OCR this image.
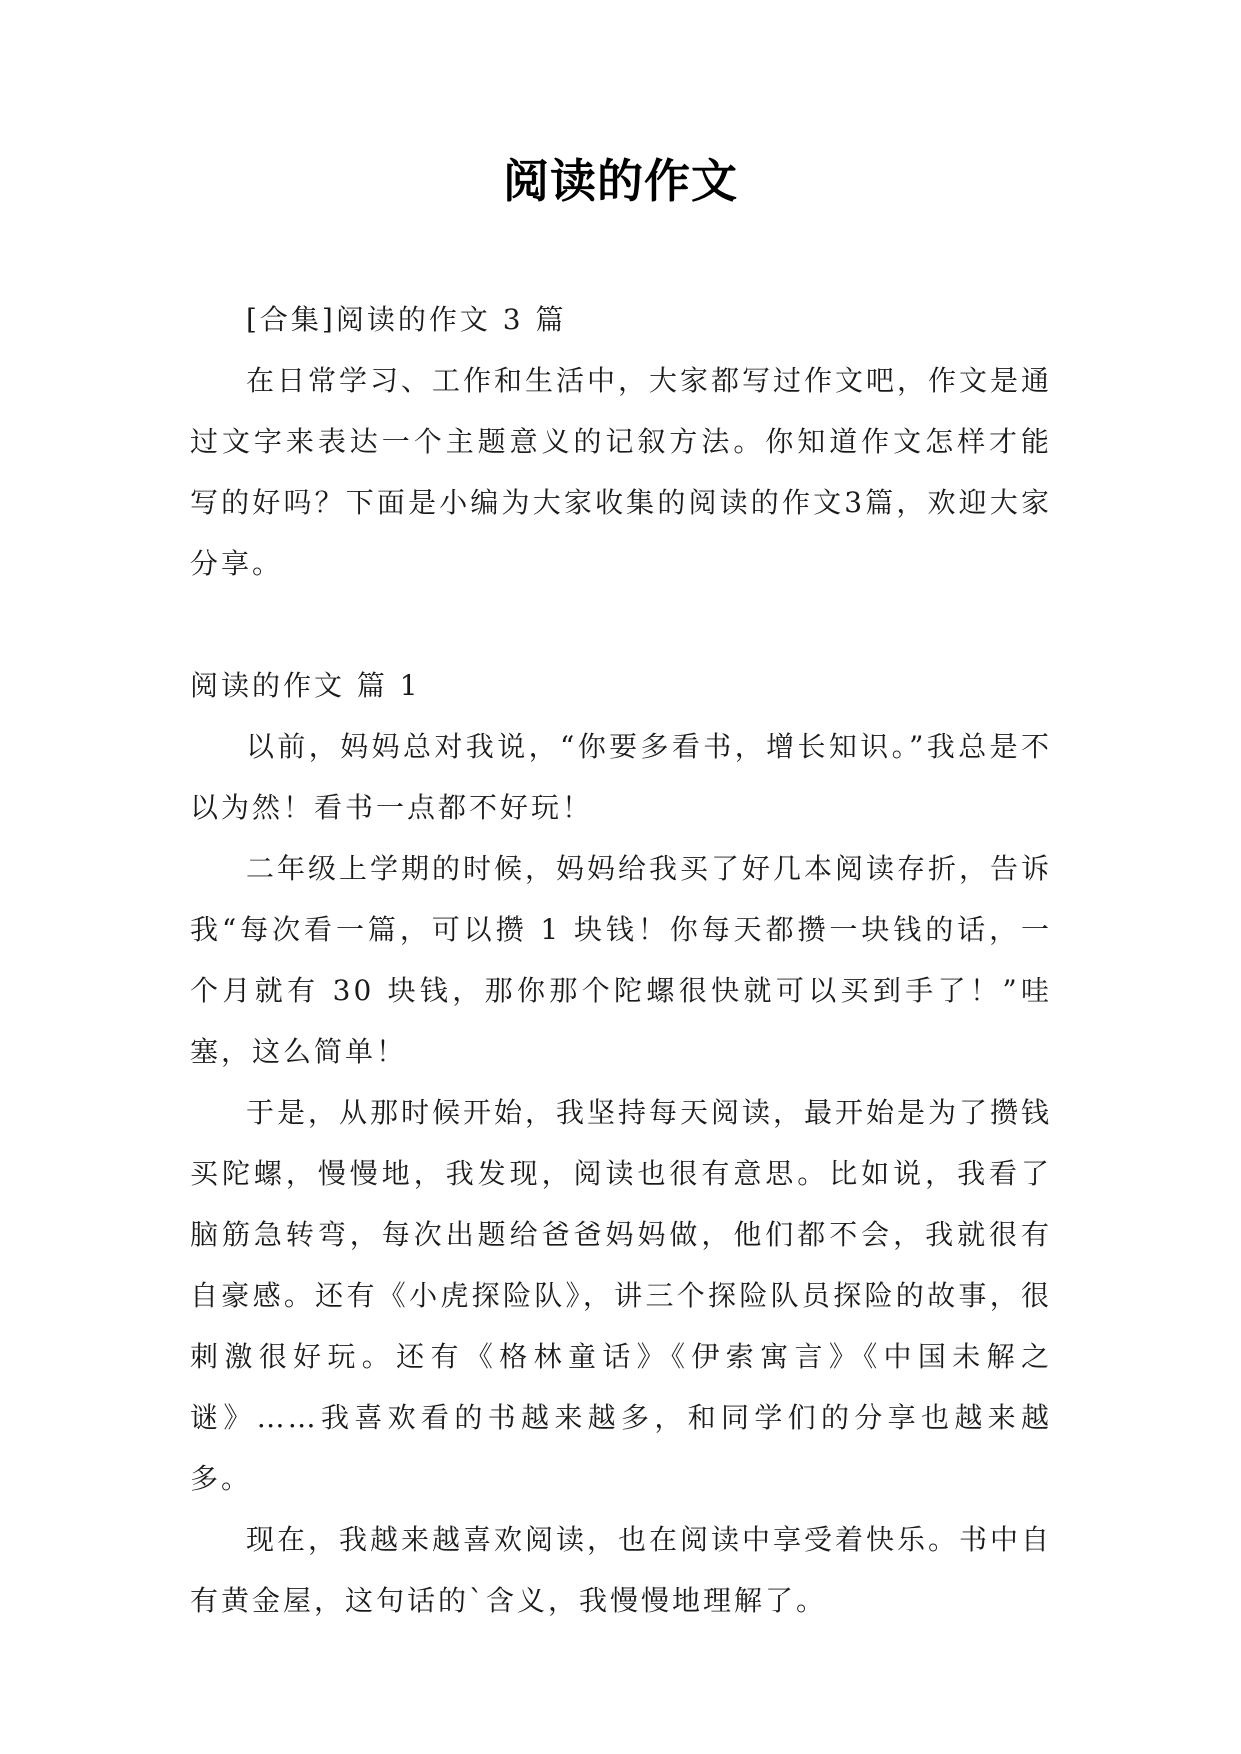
阅读的作文

[合集]阅读的作文 3 篇

在日常学习、工作和生活中，大家都写过作文吧，作文是通过文字来表达一个主题意义的记叙方法。你知道作文怎样才能写的好吗？下面是小编为大家收集的阅读的作文3篇，欢迎大家分享。

阅读的作文 篇 1

以前，妈妈总对我说，“你要多看书，增长知识。”我总是不以为然！看书一点都不好玩！

二年级上学期的时候，妈妈给我买了好几本阅读存折，告诉我“每次看一篇，可以攒 1 块钱！你每天都攒一块钱的话，一个月就有 30 块钱，那你那个陀螺很快就可以买到手了！”哇塞，这么简单！

于是，从那时候开始，我坚持每天阅读，最开始是为了攒钱买陀螺，慢慢地，我发现，阅读也很有意思。比如说，我看了脑筋急转弯，每次出题给爸爸妈妈做，他们都不会，我就很有自豪感。还有《小虎探险队》，讲三个探险队员探险的故事，很刺激很好玩。还有《格林童话》《伊索寓言》《中国未解之谜》……我喜欢看的书越来越多，和同学们的分享也越来越多。

现在，我越来越喜欢阅读，也在阅读中享受着快乐。书中自有黄金屋，这句话的`含义，我慢慢地理解了。
